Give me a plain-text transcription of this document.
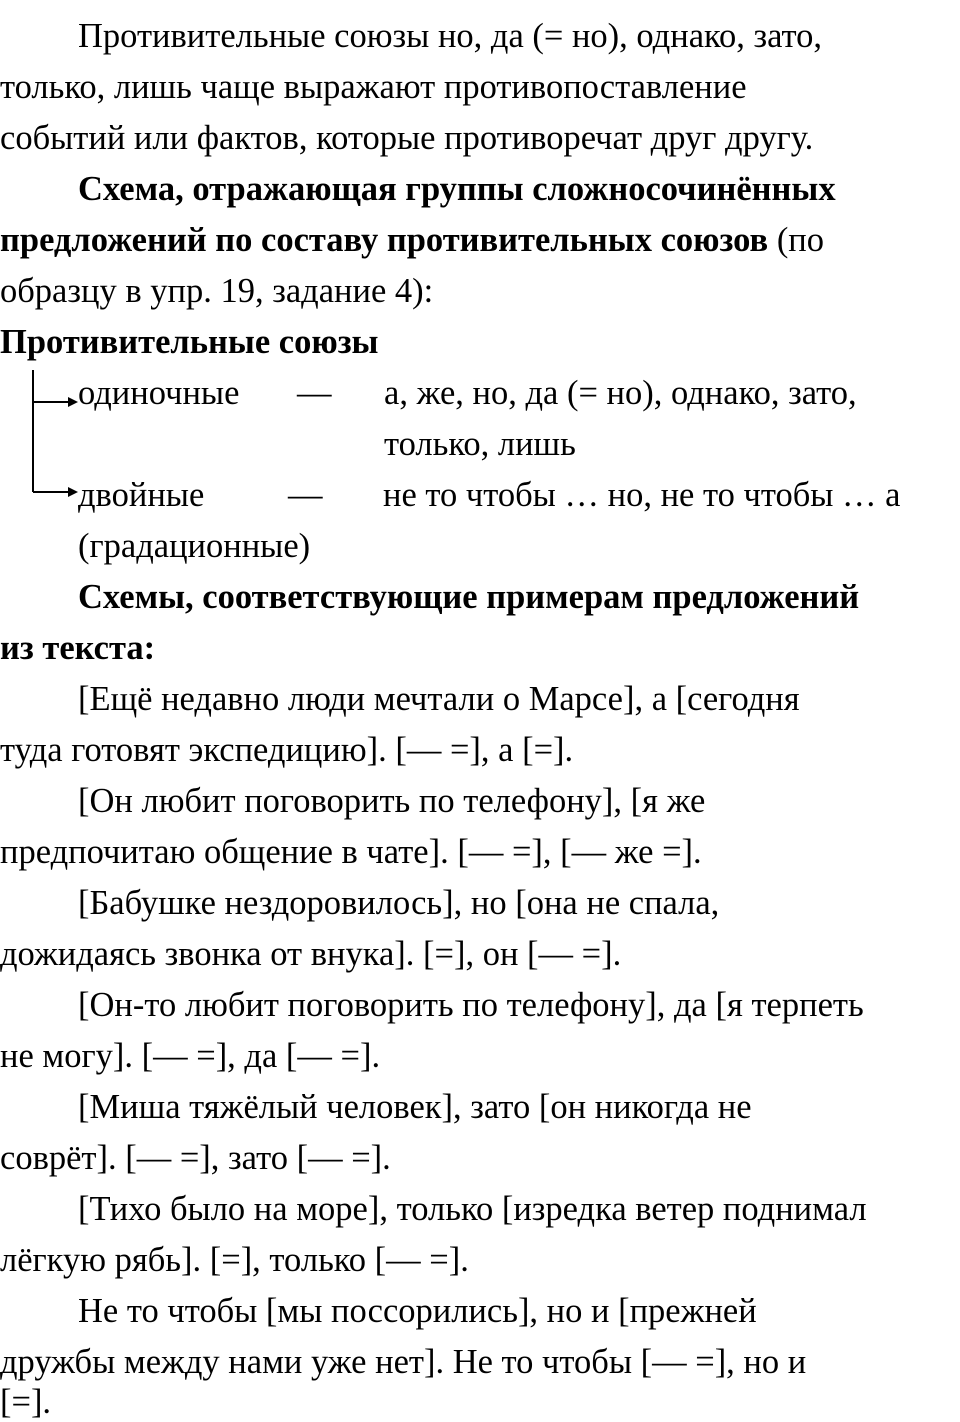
Противительные союзы но, да (= но), однако, зато,
только, лишь чаще выражают противопоставление
событий или фактов, которые противоречат друг другу.
Схема, отражающая группы сложносочинённых
предложений по составу противительных союзов (по
образцу в упр. 19, задание 4):
Противительные союзы
одиночные — а, же, но, да (= но), однако, зато,
только, лишь
двойные — не то чтобы … но, не то чтобы … а
(градационные)
Схемы, соответствующие примерам предложений
из текста:
[Ещё недавно люди мечтали о Марсе], а [сегодня
туда готовят экспедицию]. [— =], а [=].
[Он любит поговорить по телефону], [я же
предпочитаю общение в чате]. [— =], [— же =].
[Бабушке нездоровилось], но [она не спала,
дожидаясь звонка от внука]. [=], он [— =].
[Он-то любит поговорить по телефону], да [я терпеть
не могу]. [— =], да [— =].
[Миша тяжёлый человек], зато [он никогда не
соврёт]. [— =], зато [— =].
[Тихо было на море], только [изредка ветер поднимал
лёгкую рябь]. [=], только [— =].
Не то чтобы [мы поссорились], но и [прежней
дружбы между нами уже нет]. Не то чтобы [— =], но и
[=].
